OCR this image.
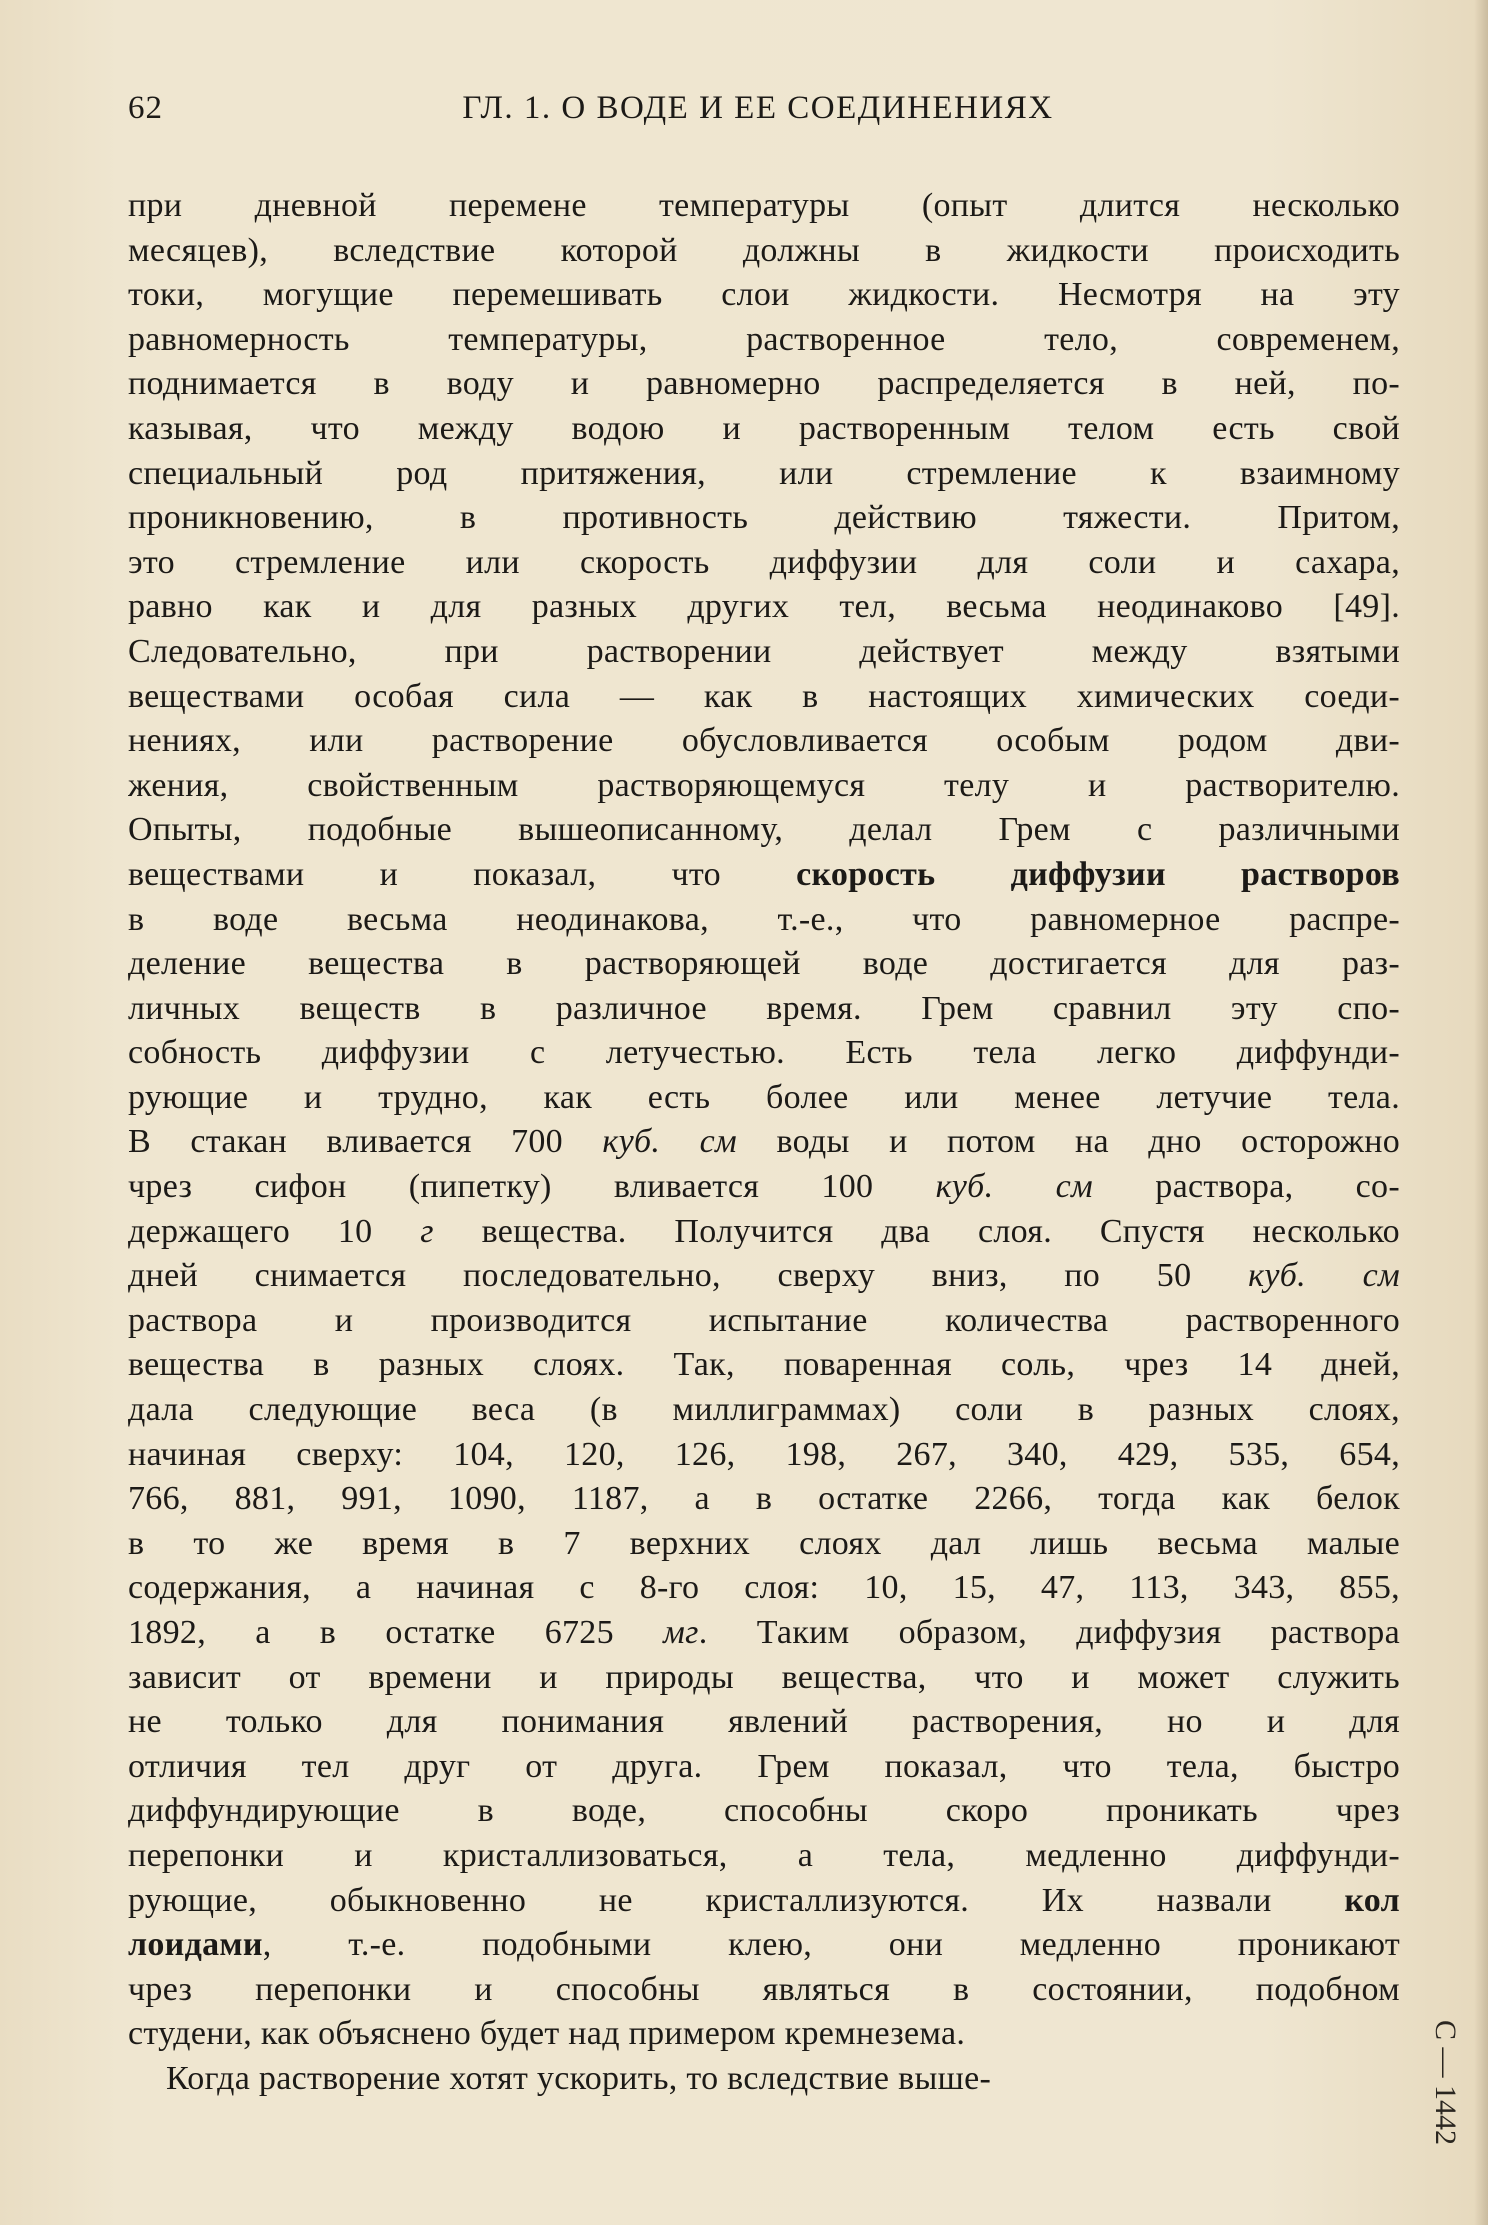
62	ГЛ. 1. О ВОДЕ И ЕЕ СОЕДИНЕНИЯХ
при дневной перемене температуры (опыт длится несколько
месяцев), вследствие которой должны в жидкости происходить
токи, могущие перемешивать слои жидкости. Несмотря на эту
равномерность температуры, растворенное тело, современем,
поднимается в воду и равномерно распределяется в ней, по-
казывая, что между водою и растворенным телом есть свой
специальный род притяжения, или стремление к взаимному
проникновению, в противность действию тяжести. Притом,
это стремление или скорость диффузии для соли и сахара,
равно как и для разных других тел, весьма неодинаково [49].
Следовательно, при растворении действует между взятыми
веществами особая сила — как в настоящих химических соеди-
нениях, или растворение обусловливается особым родом дви-
жения, свойственным растворяющемуся телу и растворителю.
Опыты, подобные вышеописанному, делал Грем с различными
веществами и показал, что скорость диффузии растворов
в воде весьма неодинакова, т.-е., что равномерное распре-
деление вещества в растворяющей воде достигается для раз-
личных веществ в различное время. Грем сравнил эту спо-
собность диффузии с летучестью. Есть тела легко диффунди-
рующие и трудно, как есть более или менее летучие тела.
В стакан вливается 700 куб. см воды и потом на дно осторожно
чрез сифон (пипетку) вливается 100 куб. см раствора, со-
держащего 10 г вещества. Получится два слоя. Спустя несколько
дней снимается последовательно, сверху вниз, по 50 куб. см
раствора и производится испытание количества растворенного
вещества в разных слоях. Так, поваренная соль, чрез 14 дней,
дала следующие веса (в миллиграммах) соли в разных слоях,
начиная сверху: 104, 120, 126, 198, 267, 340, 429, 535, 654,
766, 881, 991, 1090, 1187, а в остатке 2266, тогда как белок
в то же время в 7 верхних слоях дал лишь весьма малые
содержания, а начиная с 8-го слоя: 10, 15, 47, 113, 343, 855,
1892, а в остатке 6725 мг. Таким образом, диффузия раствора
зависит от времени и природы вещества, что и может служить
не только для понимания явлений растворения, но и для
отличия тел друг от друга. Грем показал, что тела, быстро
диффундирующие в воде, способны скоро проникать чрез
перепонки и кристаллизоваться, а тела, медленно диффунди-
рующие, обыкновенно не кристаллизуются. Их назвали кол
лоидами, т.-е. подобными клею, они медленно проникают
чрез перепонки и способны являться в состоянии, подобном
студени, как объяснено будет над примером кремнезема.
Когда растворение хотят ускорить, то вследствие выше-	С — 1442
